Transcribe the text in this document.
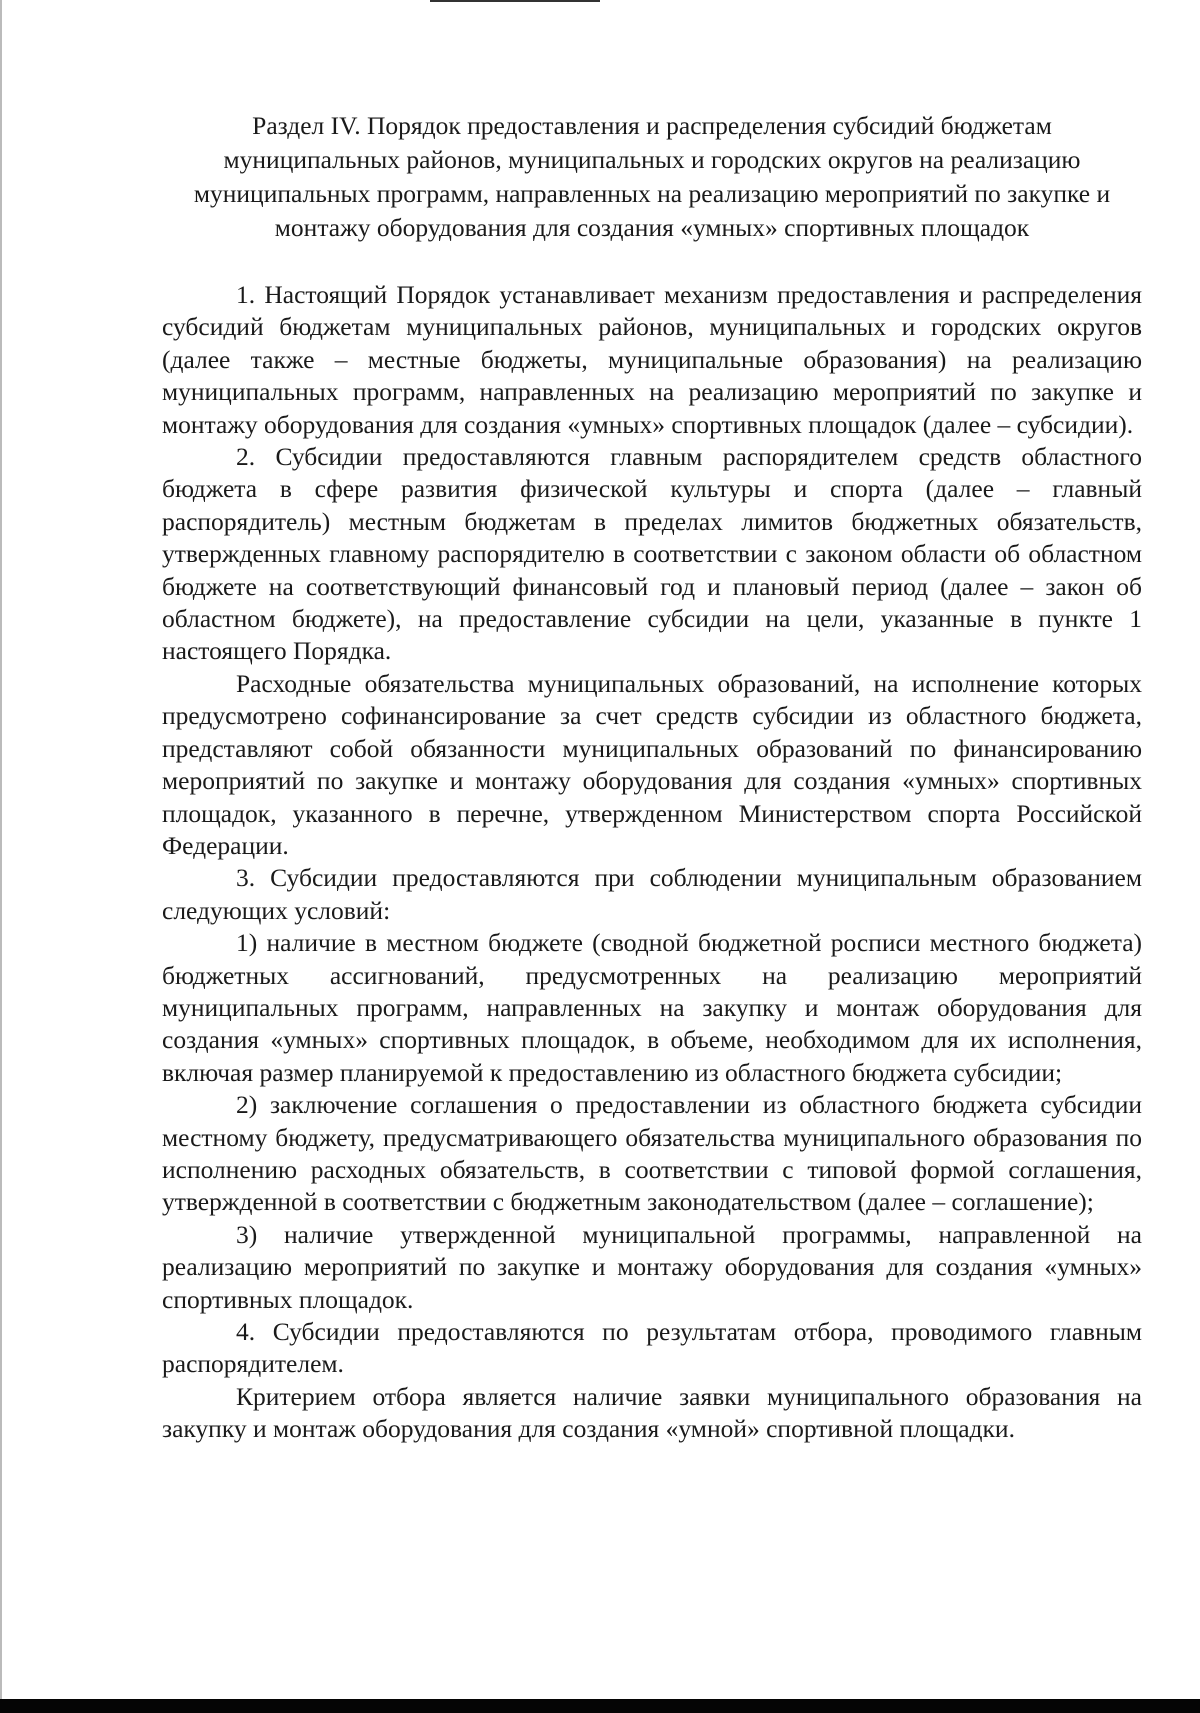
Раздел IV. Порядок предоставления и распределения субсидий бюджетам муниципальных районов, муниципальных и городских округов на реализацию муниципальных программ, направленных на реализацию мероприятий по закупке и монтажу оборудования для создания «умных» спортивных площадок

1. Настоящий Порядок устанавливает механизм предоставления и распределения субсидий бюджетам муниципальных районов, муниципальных и городских округов (далее также – местные бюджеты, муниципальные образования) на реализацию муниципальных программ, направленных на реализацию мероприятий по закупке и монтажу оборудования для создания «умных» спортивных площадок (далее – субсидии).

2. Субсидии предоставляются главным распорядителем средств областного бюджета в сфере развития физической культуры и спорта (далее – главный распорядитель) местным бюджетам в пределах лимитов бюджетных обязательств, утвержденных главному распорядителю в соответствии с законом области об областном бюджете на соответствующий финансовый год и плановый период (далее – закон об областном бюджете), на предоставление субсидии на цели, указанные в пункте 1 настоящего Порядка.

Расходные обязательства муниципальных образований, на исполнение которых предусмотрено софинансирование за счет средств субсидии из областного бюджета, представляют собой обязанности муниципальных образований по финансированию мероприятий по закупке и монтажу оборудования для создания «умных» спортивных площадок, указанного в перечне, утвержденном Министерством спорта Российской Федерации.

3. Субсидии предоставляются при соблюдении муниципальным образованием следующих условий:

1) наличие в местном бюджете (сводной бюджетной росписи местного бюджета) бюджетных ассигнований, предусмотренных на реализацию мероприятий муниципальных программ, направленных на закупку и монтаж оборудования для создания «умных» спортивных площадок, в объеме, необходимом для их исполнения, включая размер планируемой к предоставлению из областного бюджета субсидии;

2) заключение соглашения о предоставлении из областного бюджета субсидии местному бюджету, предусматривающего обязательства муниципального образования по исполнению расходных обязательств, в соответствии с типовой формой соглашения, утвержденной в соответствии с бюджетным законодательством (далее – соглашение);

3) наличие утвержденной муниципальной программы, направленной на реализацию мероприятий по закупке и монтажу оборудования для создания «умных» спортивных площадок.

4. Субсидии предоставляются по результатам отбора, проводимого главным распорядителем.

Критерием отбора является наличие заявки муниципального образования на закупку и монтаж оборудования для создания «умной» спортивной площадки.
